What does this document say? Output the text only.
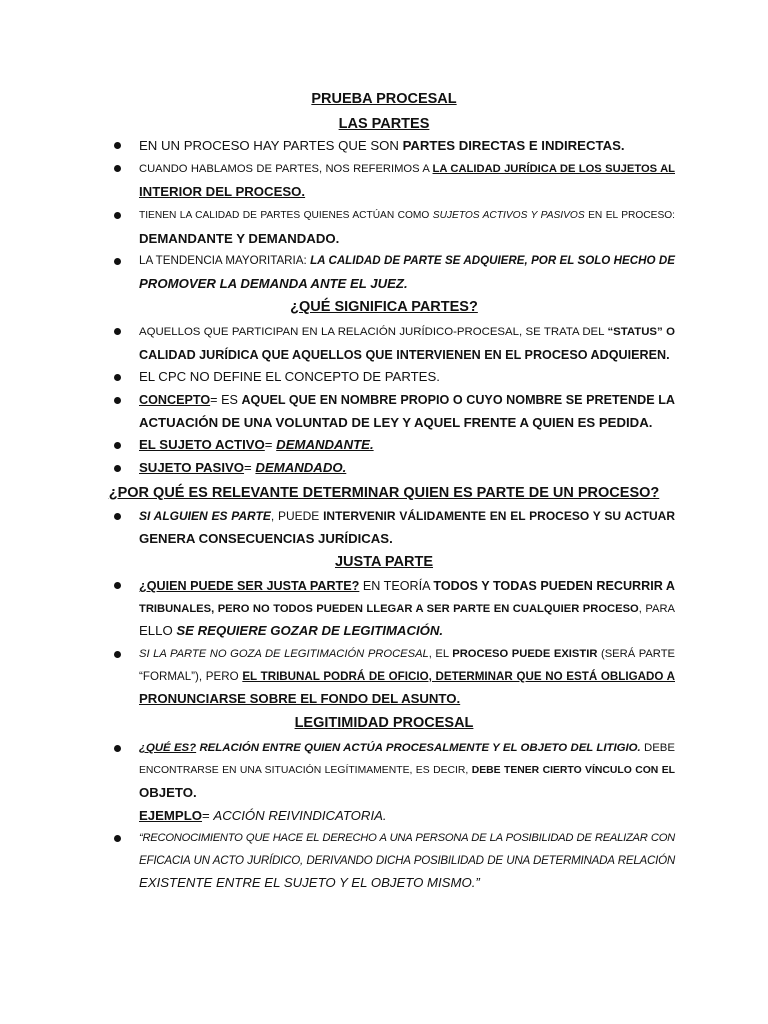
PRUEBA PROCESAL
LAS PARTES
EN UN PROCESO HAY PARTES QUE SON PARTES DIRECTAS E INDIRECTAS.
CUANDO HABLAMOS DE PARTES, NOS REFERIMOS A LA CALIDAD JURÍDICA DE LOS SUJETOS AL
INTERIOR DEL PROCESO.
TIENEN LA CALIDAD DE PARTES QUIENES ACTÚAN COMO SUJETOS ACTIVOS Y PASIVOS EN EL PROCESO:
DEMANDANTE Y DEMANDADO.
LA TENDENCIA MAYORITARIA: LA CALIDAD DE PARTE SE ADQUIERE, POR EL SOLO HECHO DE
PROMOVER LA DEMANDA ANTE EL JUEZ.
¿QUÉ SIGNIFICA PARTES?
AQUELLOS QUE PARTICIPAN EN LA RELACIÓN JURÍDICO-PROCESAL, SE TRATA DEL “STATUS” O
CALIDAD JURÍDICA QUE AQUELLOS QUE INTERVIENEN EN EL PROCESO ADQUIEREN.
EL CPC NO DEFINE EL CONCEPTO DE PARTES.
CONCEPTO= ES AQUEL QUE EN NOMBRE PROPIO O CUYO NOMBRE SE PRETENDE LA
ACTUACIÓN DE UNA VOLUNTAD DE LEY Y AQUEL FRENTE A QUIEN ES PEDIDA.
EL SUJETO ACTIVO= DEMANDANTE.
SUJETO PASIVO= DEMANDADO.
¿POR QUÉ ES RELEVANTE DETERMINAR QUIEN ES PARTE DE UN PROCESO?
SI ALGUIEN ES PARTE, PUEDE INTERVENIR VÁLIDAMENTE EN EL PROCESO Y SU ACTUAR
GENERA CONSECUENCIAS JURÍDICAS.
JUSTA PARTE
¿QUIEN PUEDE SER JUSTA PARTE? EN TEORÍA TODOS Y TODAS PUEDEN RECURRIR A
TRIBUNALES, PERO NO TODOS PUEDEN LLEGAR A SER PARTE EN CUALQUIER PROCESO, PARA
ELLO SE REQUIERE GOZAR DE LEGITIMACIÓN.
SI LA PARTE NO GOZA DE LEGITIMACIÓN PROCESAL, EL PROCESO PUEDE EXISTIR (SERÁ PARTE
“FORMAL”), PERO EL TRIBUNAL PODRÁ DE OFICIO, DETERMINAR QUE NO ESTÁ OBLIGADO A
PRONUNCIARSE SOBRE EL FONDO DEL ASUNTO.
LEGITIMIDAD PROCESAL
¿QUÉ ES? RELACIÓN ENTRE QUIEN ACTÚA PROCESALMENTE Y EL OBJETO DEL LITIGIO. DEBE
ENCONTRARSE EN UNA SITUACIÓN LEGÍTIMAMENTE, ES DECIR, DEBE TENER CIERTO VÍNCULO CON EL
OBJETO.
EJEMPLO= ACCIÓN REIVINDICATORIA.
“RECONOCIMIENTO QUE HACE EL DERECHO A UNA PERSONA DE LA POSIBILIDAD DE REALIZAR CON
EFICACIA UN ACTO JURÍDICO, DERIVANDO DICHA POSIBILIDAD DE UNA DETERMINADA RELACIÓN
EXISTENTE ENTRE EL SUJETO Y EL OBJETO MISMO.”
